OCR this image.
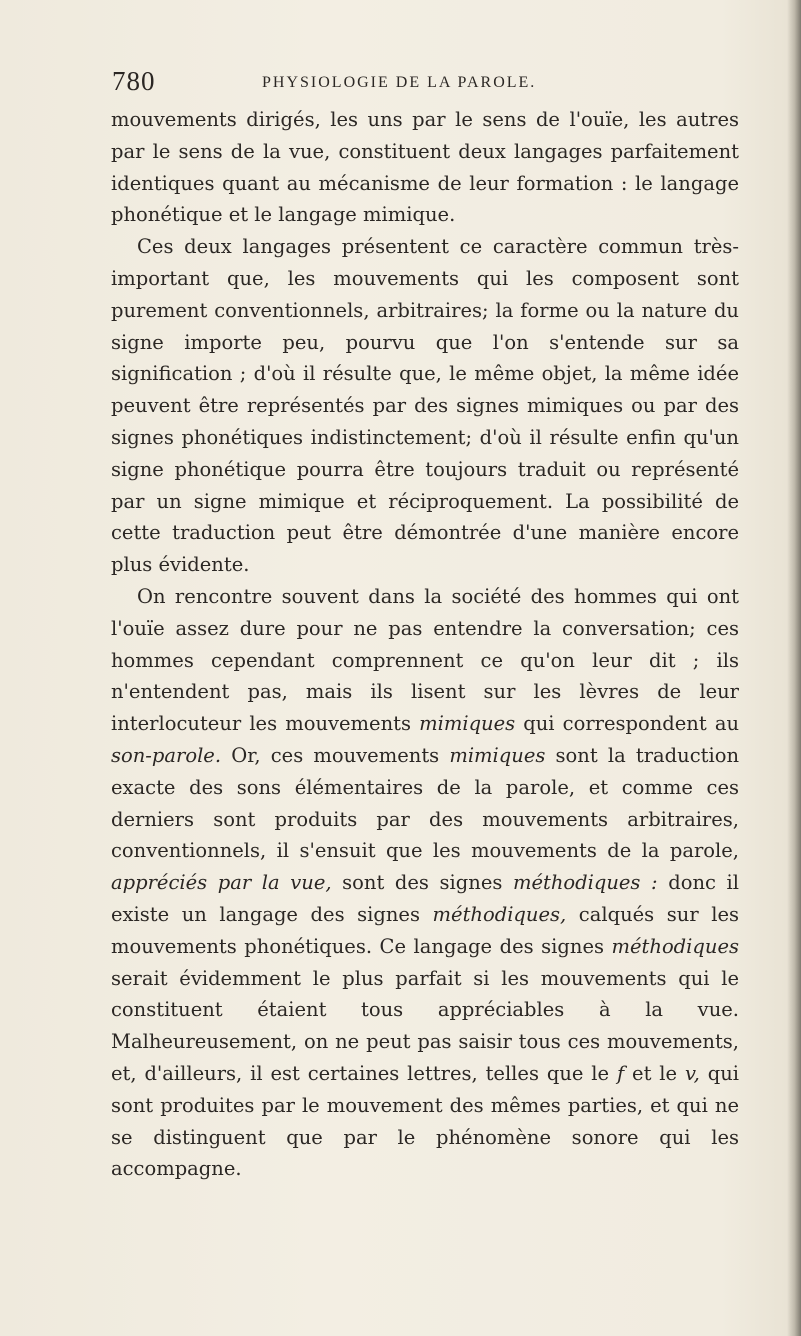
780	PHYSIOLOGIE DE LA PAROLE.

mouvements dirigés, les uns par le sens de l'ouïe, les autres par le sens de la vue, constituent deux langages parfaitement identiques quant au mécanisme de leur formation : le langage phonétique et le langage mimique.

Ces deux langages présentent ce caractère commun très-important que, les mouvements qui les composent sont purement conventionnels, arbitraires; la forme ou la nature du signe importe peu, pourvu que l'on s'entende sur sa signification ; d'où il résulte que, le même objet, la même idée peuvent être représentés par des signes mimiques ou par des signes phonétiques indistinctement; d'où il résulte enfin qu'un signe phonétique pourra être toujours traduit ou représenté par un signe mimique et réciproquement. La possibilité de cette traduction peut être démontrée d'une manière encore plus évidente.

On rencontre souvent dans la société des hommes qui ont l'ouïe assez dure pour ne pas entendre la conversation; ces hommes cependant comprennent ce qu'on leur dit ; ils n'entendent pas, mais ils lisent sur les lèvres de leur interlocuteur les mouvements mimiques qui correspondent au son-parole. Or, ces mouvements mimiques sont la traduction exacte des sons élémentaires de la parole, et comme ces derniers sont produits par des mouvements arbitraires, conventionnels, il s'ensuit que les mouvements de la parole, appréciés par la vue, sont des signes méthodiques : donc il existe un langage des signes méthodiques, calqués sur les mouvements phonétiques. Ce langage des signes méthodiques serait évidemment le plus parfait si les mouvements qui le constituent étaient tous appréciables à la vue. Malheureusement, on ne peut pas saisir tous ces mouvements, et, d'ailleurs, il est certaines lettres, telles que le f et le v, qui sont produites par le mouvement des mêmes parties, et qui ne se distinguent que par le phénomène sonore qui les accompagne.
